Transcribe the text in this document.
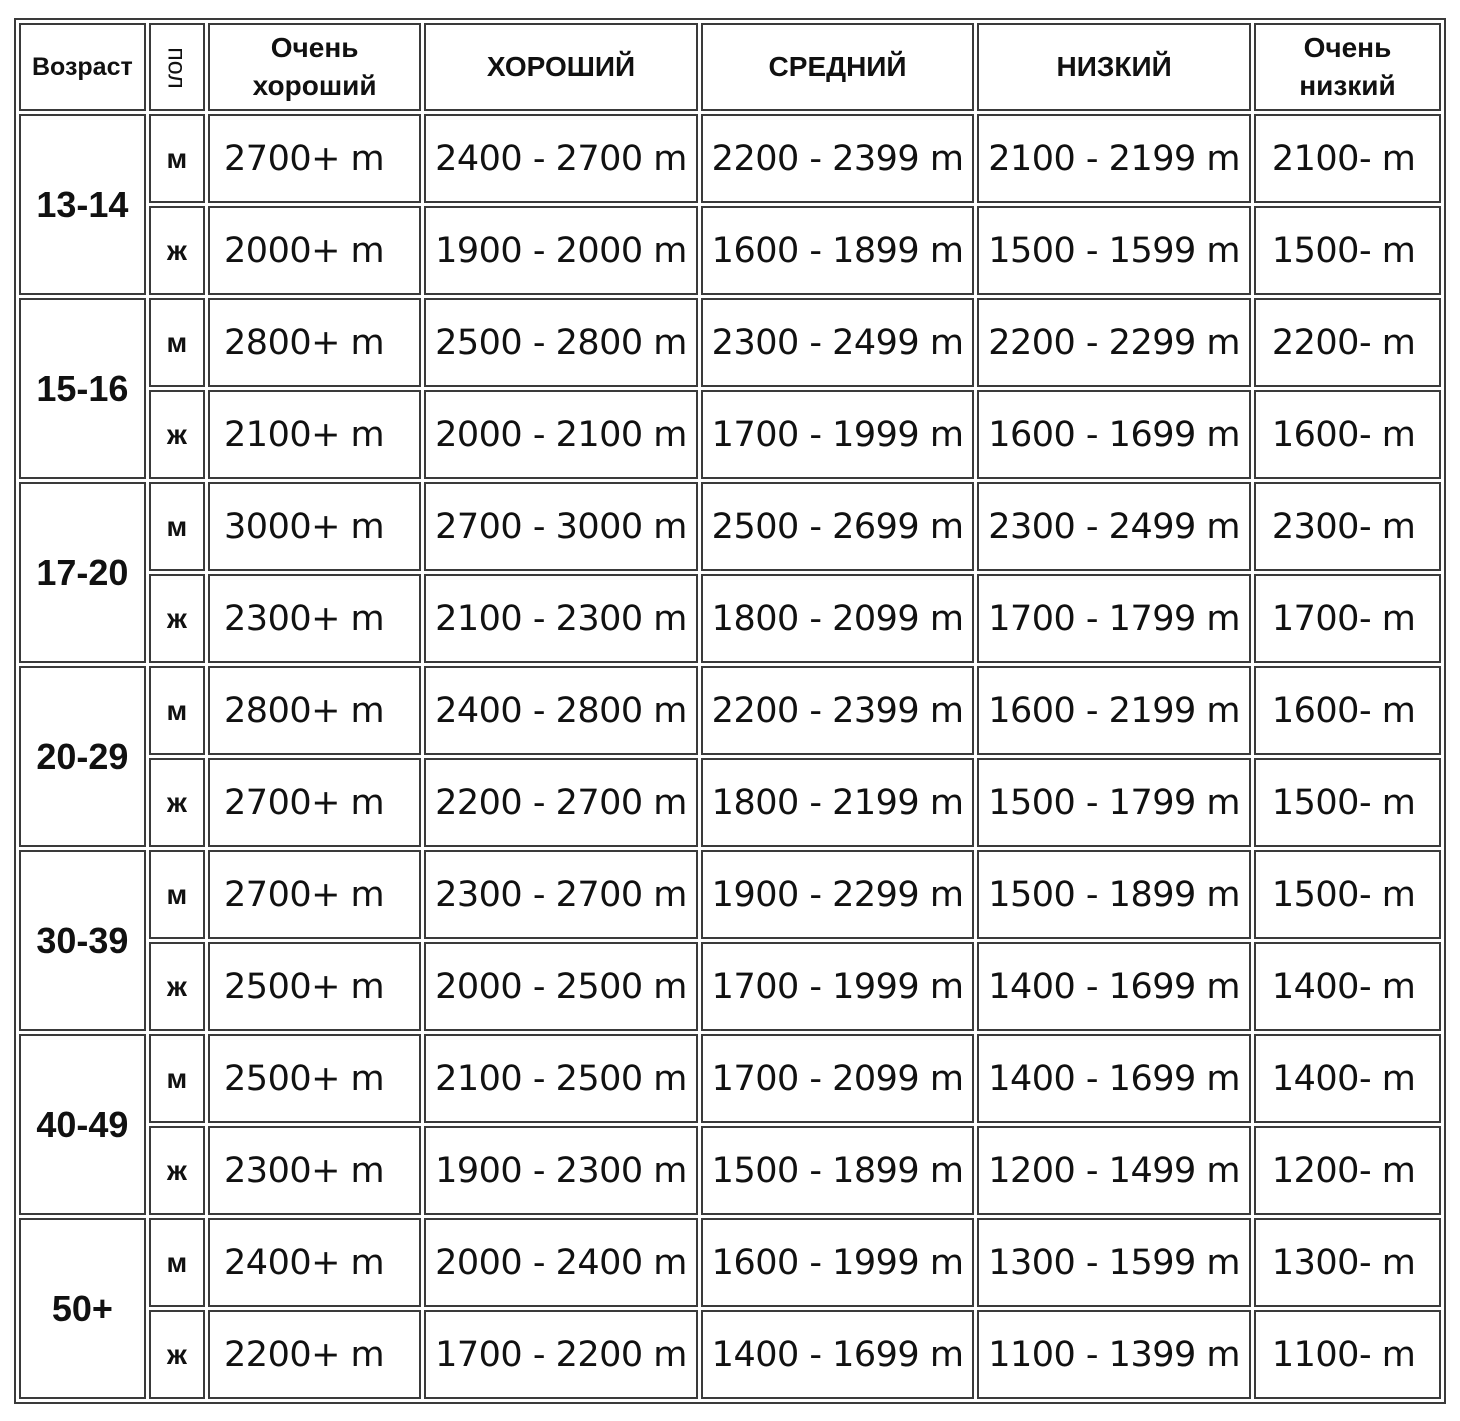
Возраст	пол	Очень хороший	ХОРОШИЙ	СРЕДНИЙ	НИЗКИЙ	Очень низкий
13-14	м	2700+ m	2400 - 2700 m	2200 - 2399 m	2100 - 2199 m	2100- m
	ж	2000+ m	1900 - 2000 m	1600 - 1899 m	1500 - 1599 m	1500- m
15-16	м	2800+ m	2500 - 2800 m	2300 - 2499 m	2200 - 2299 m	2200- m
	ж	2100+ m	2000 - 2100 m	1700 - 1999 m	1600 - 1699 m	1600- m
17-20	м	3000+ m	2700 - 3000 m	2500 - 2699 m	2300 - 2499 m	2300- m
	ж	2300+ m	2100 - 2300 m	1800 - 2099 m	1700 - 1799 m	1700- m
20-29	м	2800+ m	2400 - 2800 m	2200 - 2399 m	1600 - 2199 m	1600- m
	ж	2700+ m	2200 - 2700 m	1800 - 2199 m	1500 - 1799 m	1500- m
30-39	м	2700+ m	2300 - 2700 m	1900 - 2299 m	1500 - 1899 m	1500- m
	ж	2500+ m	2000 - 2500 m	1700 - 1999 m	1400 - 1699 m	1400- m
40-49	м	2500+ m	2100 - 2500 m	1700 - 2099 m	1400 - 1699 m	1400- m
	ж	2300+ m	1900 - 2300 m	1500 - 1899 m	1200 - 1499 m	1200- m
50+	м	2400+ m	2000 - 2400 m	1600 - 1999 m	1300 - 1599 m	1300- m
	ж	2200+ m	1700 - 2200 m	1400 - 1699 m	1100 - 1399 m	1100- m
